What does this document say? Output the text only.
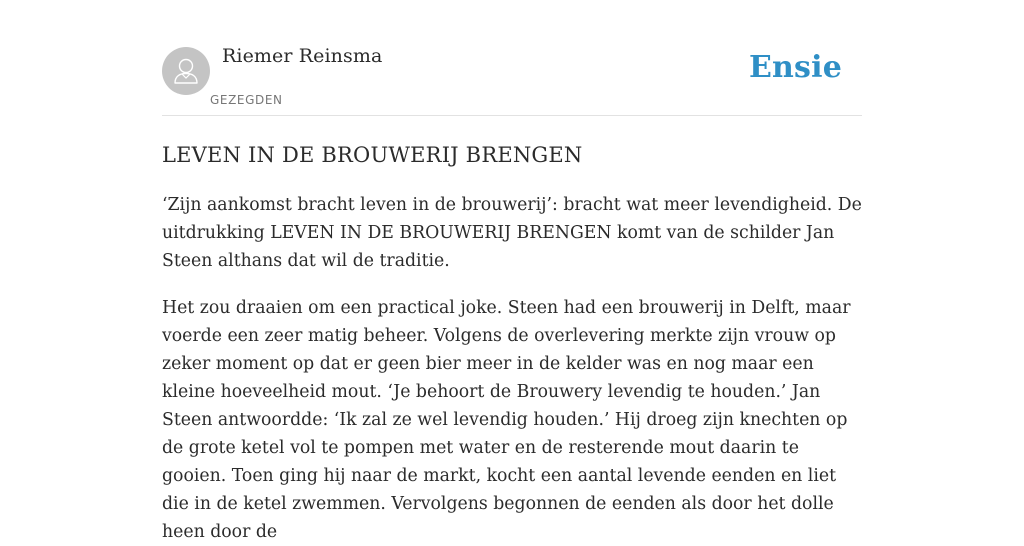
Riemer Reinsma
GEZEGDEN
Ensie
LEVEN IN DE BROUWERIJ BRENGEN

‘Zijn aankomst bracht leven in de brouwerij’: bracht wat meer levendigheid. De uitdrukking LEVEN IN DE BROUWERIJ BRENGEN komt van de schilder Jan Steen althans dat wil de traditie.

Het zou draaien om een practical joke. Steen had een brouwerij in Delft, maar voerde een zeer matig beheer. Volgens de overlevering merkte zijn vrouw op zeker moment op dat er geen bier meer in de kelder was en nog maar een kleine hoeveelheid mout. ‘Je behoort de Brouwery levendig te houden.’ Jan Steen antwoordde: ‘Ik zal ze wel levendig houden.’ Hij droeg zijn knechten op de grote ketel vol te pompen met water en de resterende mout daarin te gooien. Toen ging hij naar de markt, kocht een aantal levende eenden en liet die in de ketel zwemmen. Vervolgens begonnen de eenden als door het dolle heen door de
